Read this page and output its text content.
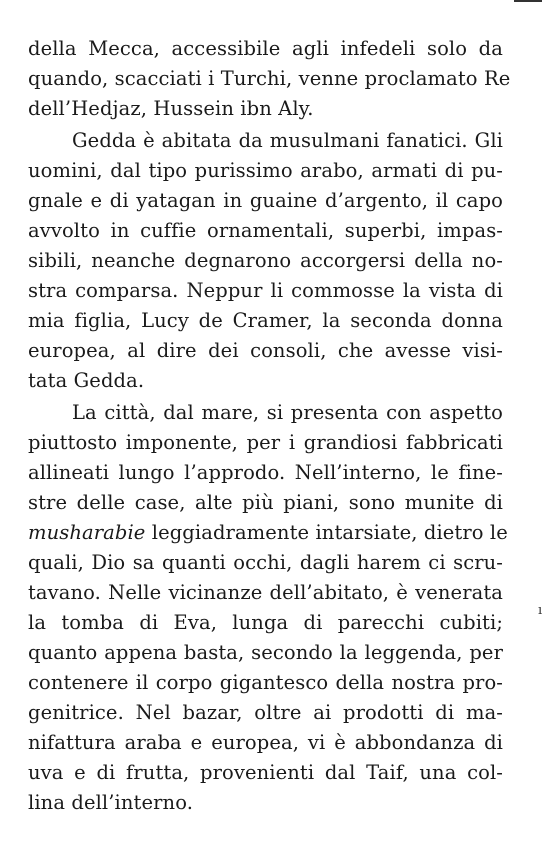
della Mecca, accessibile agli infedeli solo da
quando, scacciati i Turchi, venne proclamato Re
dell’Hedjaz, Hussein ibn Aly.
Gedda è abitata da musulmani fanatici. Gli
uomini, dal tipo purissimo arabo, armati di pu-
gnale e di yatagan in guaine d’argento, il capo
avvolto in cuffie ornamentali, superbi, impas-
sibili, neanche degnarono accorgersi della no-
stra comparsa. Neppur li commosse la vista di
mia figlia, Lucy de Cramer, la seconda donna
europea, al dire dei consoli, che avesse visi-
tata Gedda.
La città, dal mare, si presenta con aspetto
piuttosto imponente, per i grandiosi fabbricati
allineati lungo l’approdo. Nell’interno, le fine-
stre delle case, alte più piani, sono munite di
musharabie leggiadramente intarsiate, dietro le
quali, Dio sa quanti occhi, dagli harem ci scru-
tavano. Nelle vicinanze dell’abitato, è venerata
la tomba di Eva, lunga di parecchi cubiti;
quanto appena basta, secondo la leggenda, per
contenere il corpo gigantesco della nostra pro-
genitrice. Nel bazar, oltre ai prodotti di ma-
nifattura araba e europea, vi è abbondanza di
uva e di frutta, provenienti dal Taif, una col-
lina dell’interno.
ı
